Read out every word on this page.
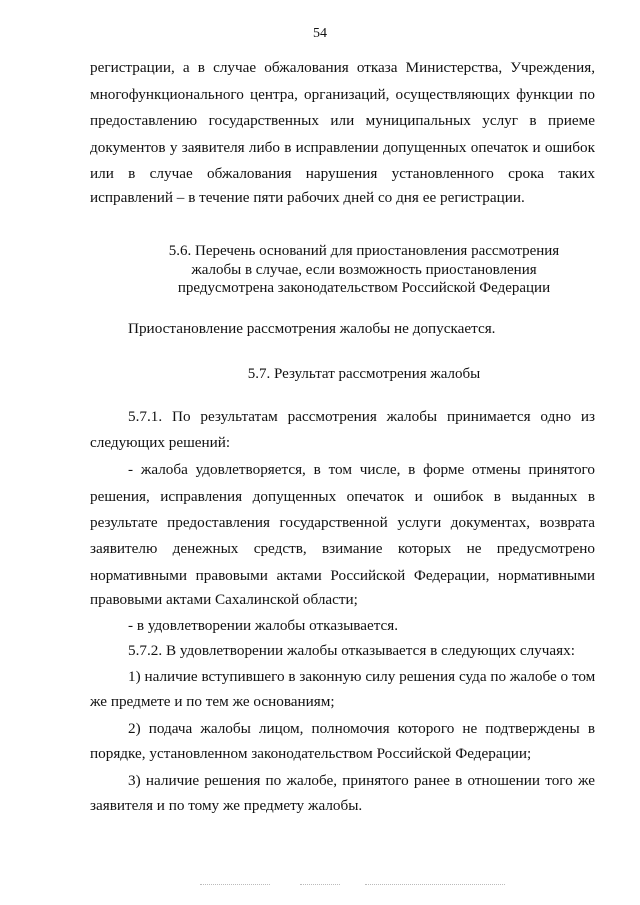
54
регистрации, а в случае обжалования отказа Министерства, Учреждения,
многофункционального центра, организаций, осуществляющих функции по
предоставлению государственных или муниципальных услуг в приеме
документов у заявителя либо в исправлении допущенных опечаток и ошибок
или в случае обжалования нарушения установленного срока таких
исправлений – в течение пяти рабочих дней со дня ее регистрации.
5.6. Перечень оснований для приостановления рассмотрения
жалобы в случае, если возможность приостановления
предусмотрена законодательством Российской Федерации
Приостановление рассмотрения жалобы не допускается.
5.7. Результат рассмотрения жалобы
5.7.1. По результатам рассмотрения жалобы принимается одно из
следующих решений:
- жалоба удовлетворяется, в том числе, в форме отмены принятого
решения, исправления допущенных опечаток и ошибок в выданных в
результате предоставления государственной услуги документах, возврата
заявителю денежных средств, взимание которых не предусмотрено
нормативными правовыми актами Российской Федерации, нормативными
правовыми актами Сахалинской области;
- в удовлетворении жалобы отказывается.
5.7.2. В удовлетворении жалобы отказывается в следующих случаях:
1) наличие вступившего в законную силу решения суда по жалобе о том
же предмете и по тем же основаниям;
2) подача жалобы лицом, полномочия которого не подтверждены в
порядке, установленном законодательством Российской Федерации;
3) наличие решения по жалобе, принятого ранее в отношении того же
заявителя и по тому же предмету жалобы.
